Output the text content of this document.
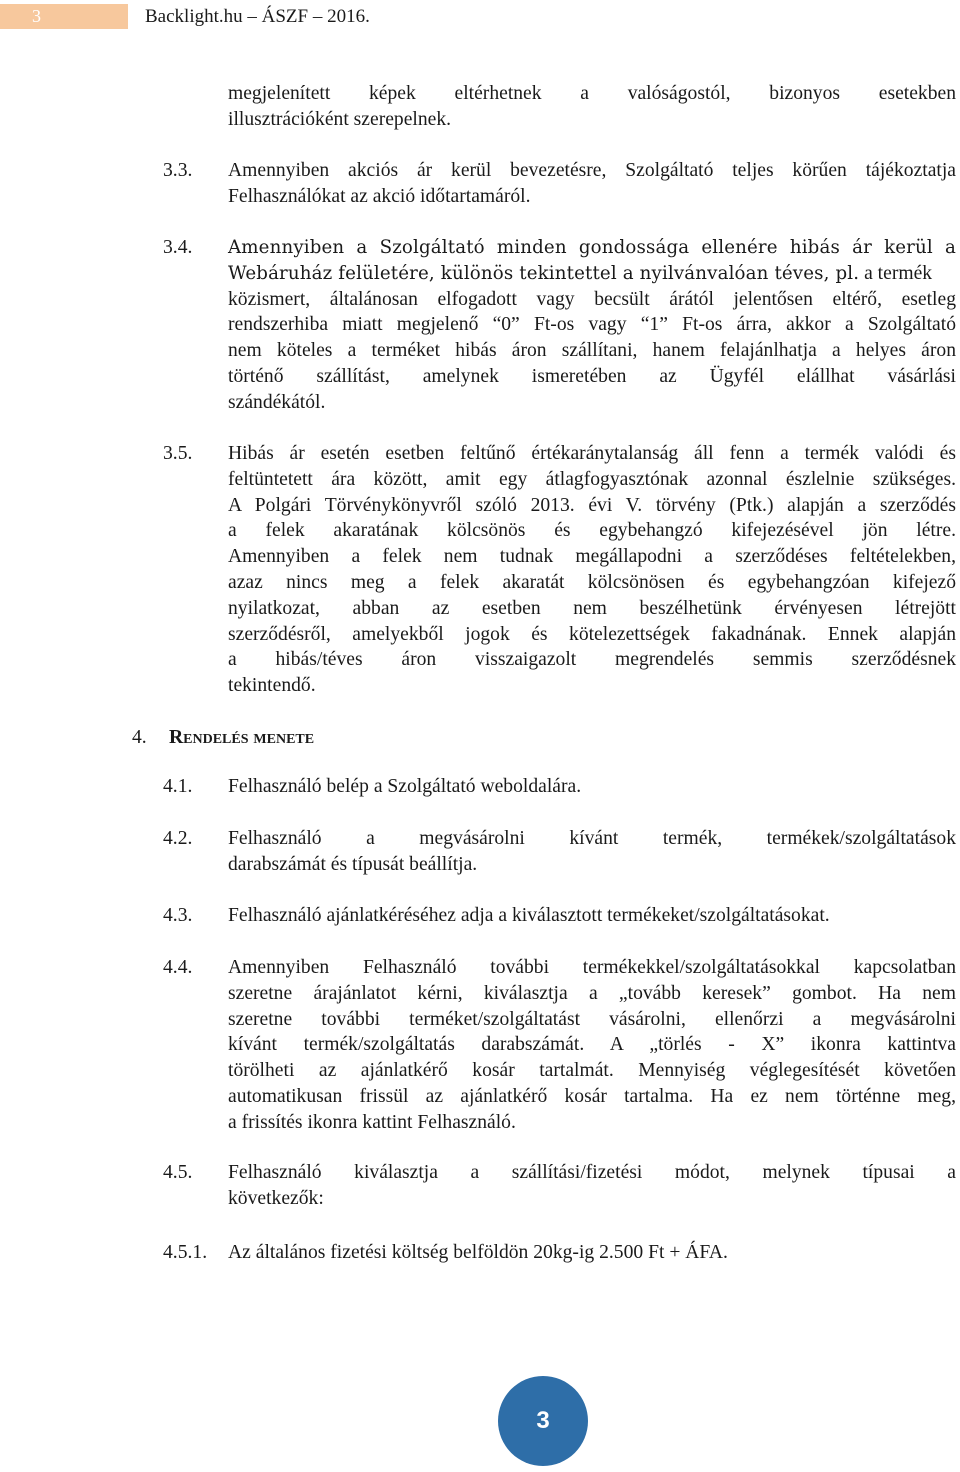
3	Backlight.hu – ÁSZF – 2016.
megjelenített képek eltérhetnek a valóságostól, bizonyos esetekben
illusztrációként szerepelnek.
3.3. Amennyiben akciós ár kerül bevezetésre, Szolgáltató teljes körűen tájékoztatja
Felhasználókat az akció időtartamáról.
3.4. Amennyiben a Szolgáltató minden gondossága ellenére hibás ár kerül a
Webáruház felületére, különös tekintettel a nyilvánvalóan téves, pl. a termék
közismert, általánosan elfogadott vagy becsült árától jelentősen eltérő, esetleg
rendszerhiba miatt megjelenő “0” Ft-os vagy “1” Ft-os árra, akkor a Szolgáltató
nem köteles a terméket hibás áron szállítani, hanem felajánlhatja a helyes áron
történő szállítást, amelynek ismeretében az Ügyfél elállhat vásárlási
szándékától.
3.5. Hibás ár esetén esetben feltűnő értékaránytalanság áll fenn a termék valódi és
feltüntetett ára között, amit egy átlagfogyasztónak azonnal észlelnie szükséges.
A Polgári Törvénykönyvről szóló 2013. évi V. törvény (Ptk.) alapján a szerződés
a felek akaratának kölcsönös és egybehangzó kifejezésével jön létre.
Amennyiben a felek nem tudnak megállapodni a szerződéses feltételekben,
azaz nincs meg a felek akaratát kölcsönösen és egybehangzóan kifejező
nyilatkozat, abban az esetben nem beszélhetünk érvényesen létrejött
szerződésről, amelyekből jogok és kötelezettségek fakadnának. Ennek alapján
a hibás/téves áron visszaigazolt megrendelés semmis szerződésnek
tekintendő.
4. Rendelés menete
4.1. Felhasználó belép a Szolgáltató weboldalára.
4.2. Felhasználó a megvásárolni kívánt termék, termékek/szolgáltatások
darabszámát és típusát beállítja.
4.3. Felhasználó ajánlatkéréséhez adja a kiválasztott termékeket/szolgáltatásokat.
4.4. Amennyiben Felhasználó további termékekkel/szolgáltatásokkal kapcsolatban
szeretne árajánlatot kérni, kiválasztja a „tovább keresek” gombot. Ha nem
szeretne további terméket/szolgáltatást vásárolni, ellenőrzi a megvásárolni
kívánt termék/szolgáltatás darabszámát. A „törlés - X” ikonra kattintva
törölheti az ajánlatkérő kosár tartalmát. Mennyiség véglegesítését követően
automatikusan frissül az ajánlatkérő kosár tartalma. Ha ez nem történne meg,
a frissítés ikonra kattint Felhasználó.
4.5. Felhasználó kiválasztja a szállítási/fizetési módot, melynek típusai a
következők:
4.5.1. Az általános fizetési költség belföldön 20kg-ig 2.500 Ft + ÁFA.
3
